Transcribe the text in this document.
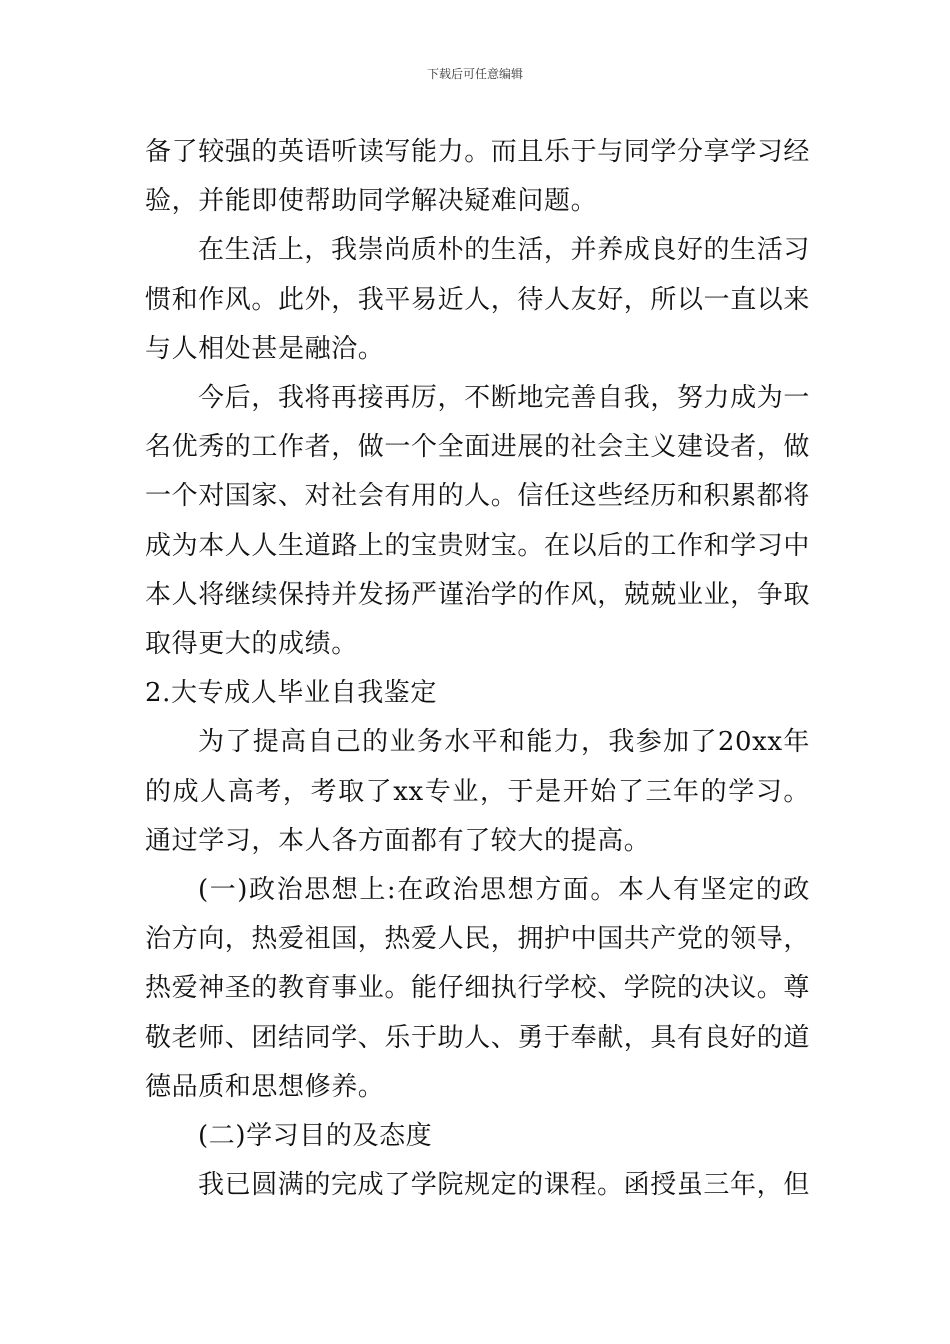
下载后可任意编辑

备了较强的英语听读写能力。而且乐于与同学分享学习经验，并能即使帮助同学解决疑难问题。

在生活上，我崇尚质朴的生活，并养成良好的生活习惯和作风。此外，我平易近人，待人友好，所以一直以来与人相处甚是融洽。

今后，我将再接再厉，不断地完善自我，努力成为一名优秀的工作者，做一个全面进展的社会主义建设者，做一个对国家、对社会有用的人。信任这些经历和积累都将成为本人人生道路上的宝贵财宝。在以后的工作和学习中本人将继续保持并发扬严谨治学的作风，兢兢业业，争取取得更大的成绩。

2.大专成人毕业自我鉴定

为了提高自己的业务水平和能力，我参加了20xx年的成人高考，考取了xx专业，于是开始了三年的学习。通过学习，本人各方面都有了较大的提高。

(一)政治思想上:在政治思想方面。本人有坚定的政治方向，热爱祖国，热爱人民，拥护中国共产党的领导，热爱神圣的教育事业。能仔细执行学校、学院的决议。尊敬老师、团结同学、乐于助人、勇于奉献，具有良好的道德品质和思想修养。

(二)学习目的及态度

我已圆满的完成了学院规定的课程。函授虽三年，但
